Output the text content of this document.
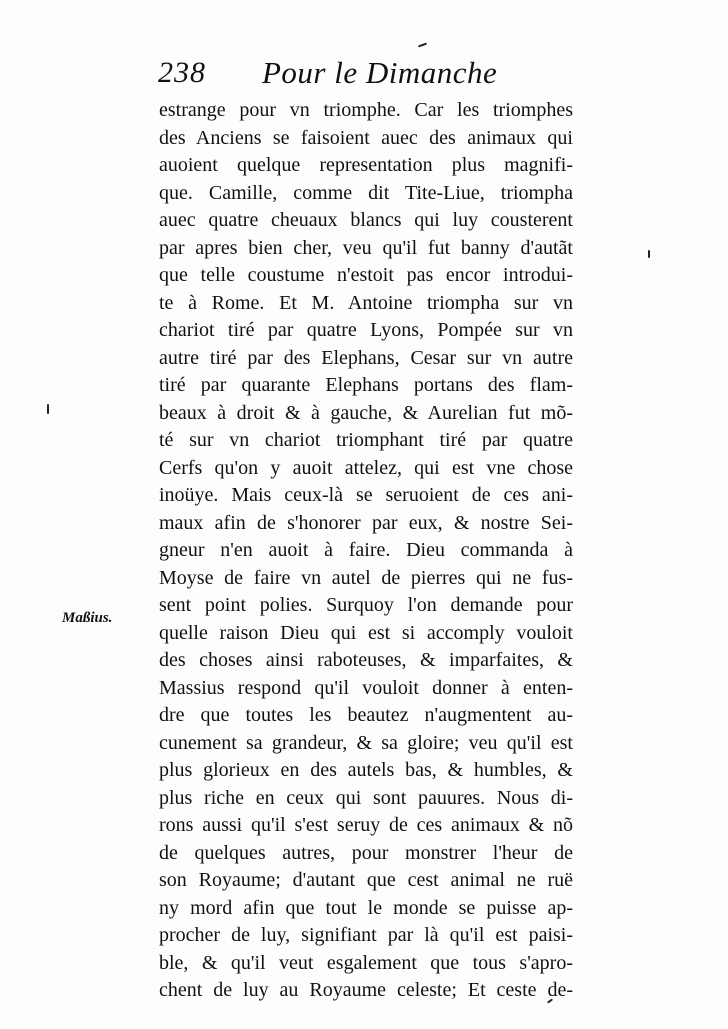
238 Pour le Dimanche
Maßius.
estrange pour vn triomphe. Car les triomphes
des Anciens se faisoient auec des animaux qui
auoient quelque representation plus magnifi-
que. Camille, comme dit Tite-Liue, triompha
auec quatre cheuaux blancs qui luy cousterent
par apres bien cher, veu qu'il fut banny d'autãt
que telle coustume n'estoit pas encor introdui-
te à Rome. Et M. Antoine triompha sur vn
chariot tiré par quatre Lyons, Pompée sur vn
autre tiré par des Elephans, Cesar sur vn autre
tiré par quarante Elephans portans des flam-
beaux à droit & à gauche, & Aurelian fut mõ-
té sur vn chariot triomphant tiré par quatre
Cerfs qu'on y auoit attelez, qui est vne chose
inoüye. Mais ceux-là se seruoient de ces ani-
maux afin de s'honorer par eux, & nostre Sei-
gneur n'en auoit à faire. Dieu commanda à
Moyse de faire vn autel de pierres qui ne fus-
sent point polies. Surquoy l'on demande pour
quelle raison Dieu qui est si accomply vouloit
des choses ainsi raboteuses, & imparfaites, &
Massius respond qu'il vouloit donner à enten-
dre que toutes les beautez n'augmentent au-
cunement sa grandeur, & sa gloire; veu qu'il est
plus glorieux en des autels bas, & humbles, &
plus riche en ceux qui sont pauures. Nous di-
rons aussi qu'il s'est seruy de ces animaux & nõ
de quelques autres, pour monstrer l'heur de
son Royaume; d'autant que cest animal ne ruë
ny mord afin que tout le monde se puisse ap-
procher de luy, signifiant par là qu'il est paisi-
ble, & qu'il veut esgalement que tous s'apro-
chent de luy au Royaume celeste; Et ceste de-
